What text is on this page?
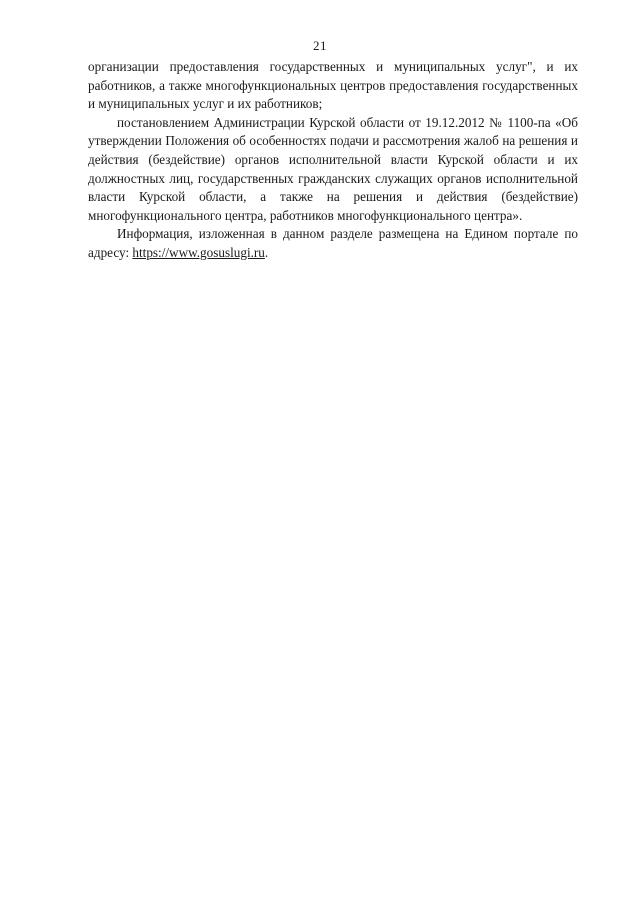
21

организации предоставления государственных и муниципальных услуг", и их работников, а также многофункциональных центров предоставления государственных и муниципальных услуг и их работников;

постановлением Администрации Курской области от 19.12.2012 № 1100-па «Об утверждении Положения об особенностях подачи и рассмотрения жалоб на решения и действия (бездействие) органов исполнительной власти Курской области и их должностных лиц, государственных гражданских служащих органов исполнительной власти Курской области, а также на решения и действия (бездействие) многофункционального центра, работников многофункционального центра».

Информация, изложенная в данном разделе размещена на Едином портале по адресу: https://www.gosuslugi.ru.
